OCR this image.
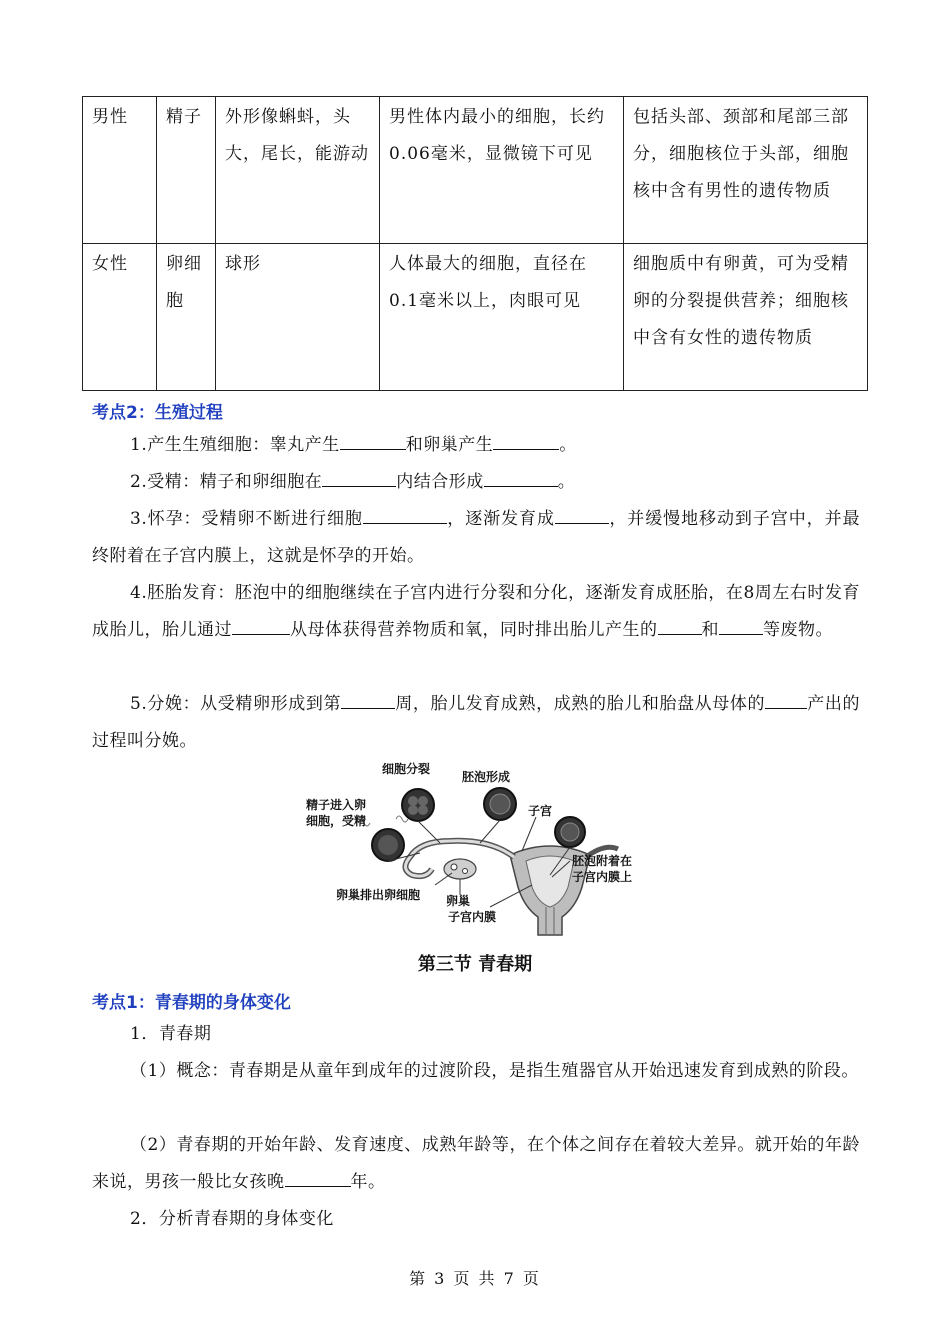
男性	精子	外形像蝌蚪，头大，尾长，能游动	男性体内最小的细胞，长约0.06毫米，显微镜下可见	包括头部、颈部和尾部三部分，细胞核位于头部，细胞核中含有男性的遗传物质
女性	卵细胞	球形	人体最大的细胞，直径在0.1毫米以上，肉眼可见	细胞质中有卵黄，可为受精卵的分裂提供营养；细胞核中含有女性的遗传物质
考点2：生殖过程
1.产生生殖细胞：睾丸产生	和卵巢产生	。
2.受精：精子和卵细胞在	内结合形成	。
3.怀孕：受精卵不断进行细胞	，逐渐发育成	，并缓慢地移动到子宫中，并最终附着在子宫内膜上，这就是怀孕的开始。
4.胚胎发育：胚泡中的细胞继续在子宫内进行分裂和分化，逐渐发育成胚胎，在8周左右时发育成胎儿，胎儿通过	从母体获得营养物质和氧，同时排出胎儿产生的	和	等废物。
5.分娩：从受精卵形成到第	周，胎儿发育成熟，成熟的胎儿和胎盘从母体的 产出的过程叫分娩。
细胞分裂
胚泡形成
子宫
精子进入卵
细胞，受精
胚泡附着在
子宫内膜上
卵巢排出卵细胞 卵巢
子宫内膜
第三节 青春期
考点1：青春期的身体变化
1．青春期
（1）概念：青春期是从童年到成年的过渡阶段，是指生殖器官从开始迅速发育到成熟的阶段。
（2）青春期的开始年龄、发育速度、成熟年龄等，在个体之间存在着较大差异。就开始的年龄来说，男孩一般比女孩晚	年。
2．分析青春期的身体变化
第 3 页 共 7 页
